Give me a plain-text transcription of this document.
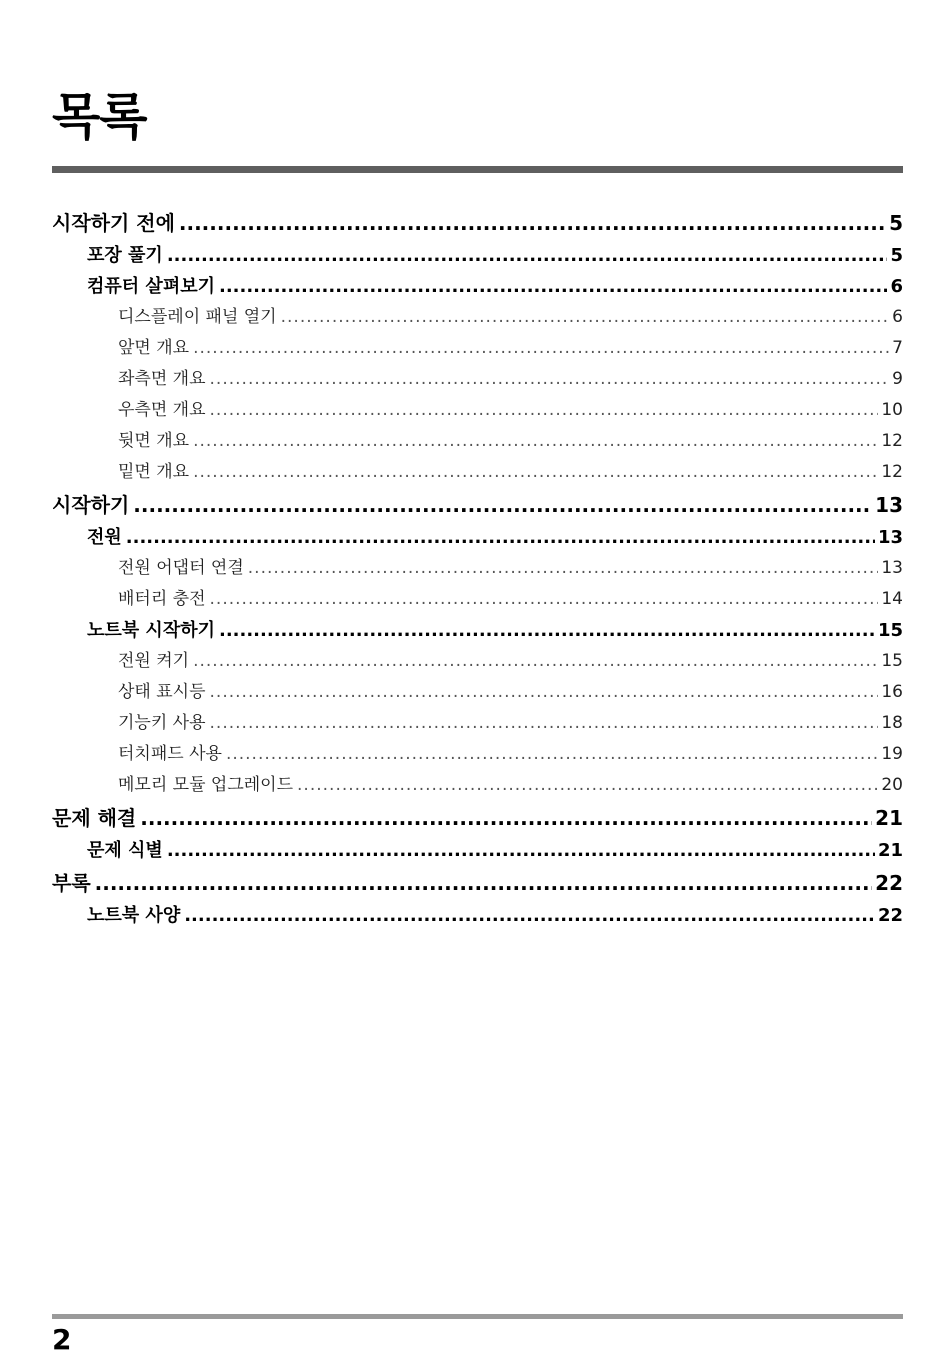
목록
시작하기 전에 .....	5
포장 풀기 .....	5
컴퓨터 살펴보기 .....	6
디스플레이 패널 열기 .....	6
앞면 개요 .....	7
좌측면 개요 .....	9
우측면 개요 .....	10
뒷면 개요 .....	12
밑면 개요 .....	12
시작하기 .....	13
전원 .....	13
전원 어댑터 연결 .....	13
배터리 충전 .....	14
노트북 시작하기 .....	15
전원 켜기 .....	15
상태 표시등 .....	16
기능키 사용 .....	18
터치패드 사용 .....	19
메모리 모듈 업그레이드 .....	20
문제 해결 .....	21
문제 식별 .....	21
부록 .....	22
노트북 사양 .....	22
2
